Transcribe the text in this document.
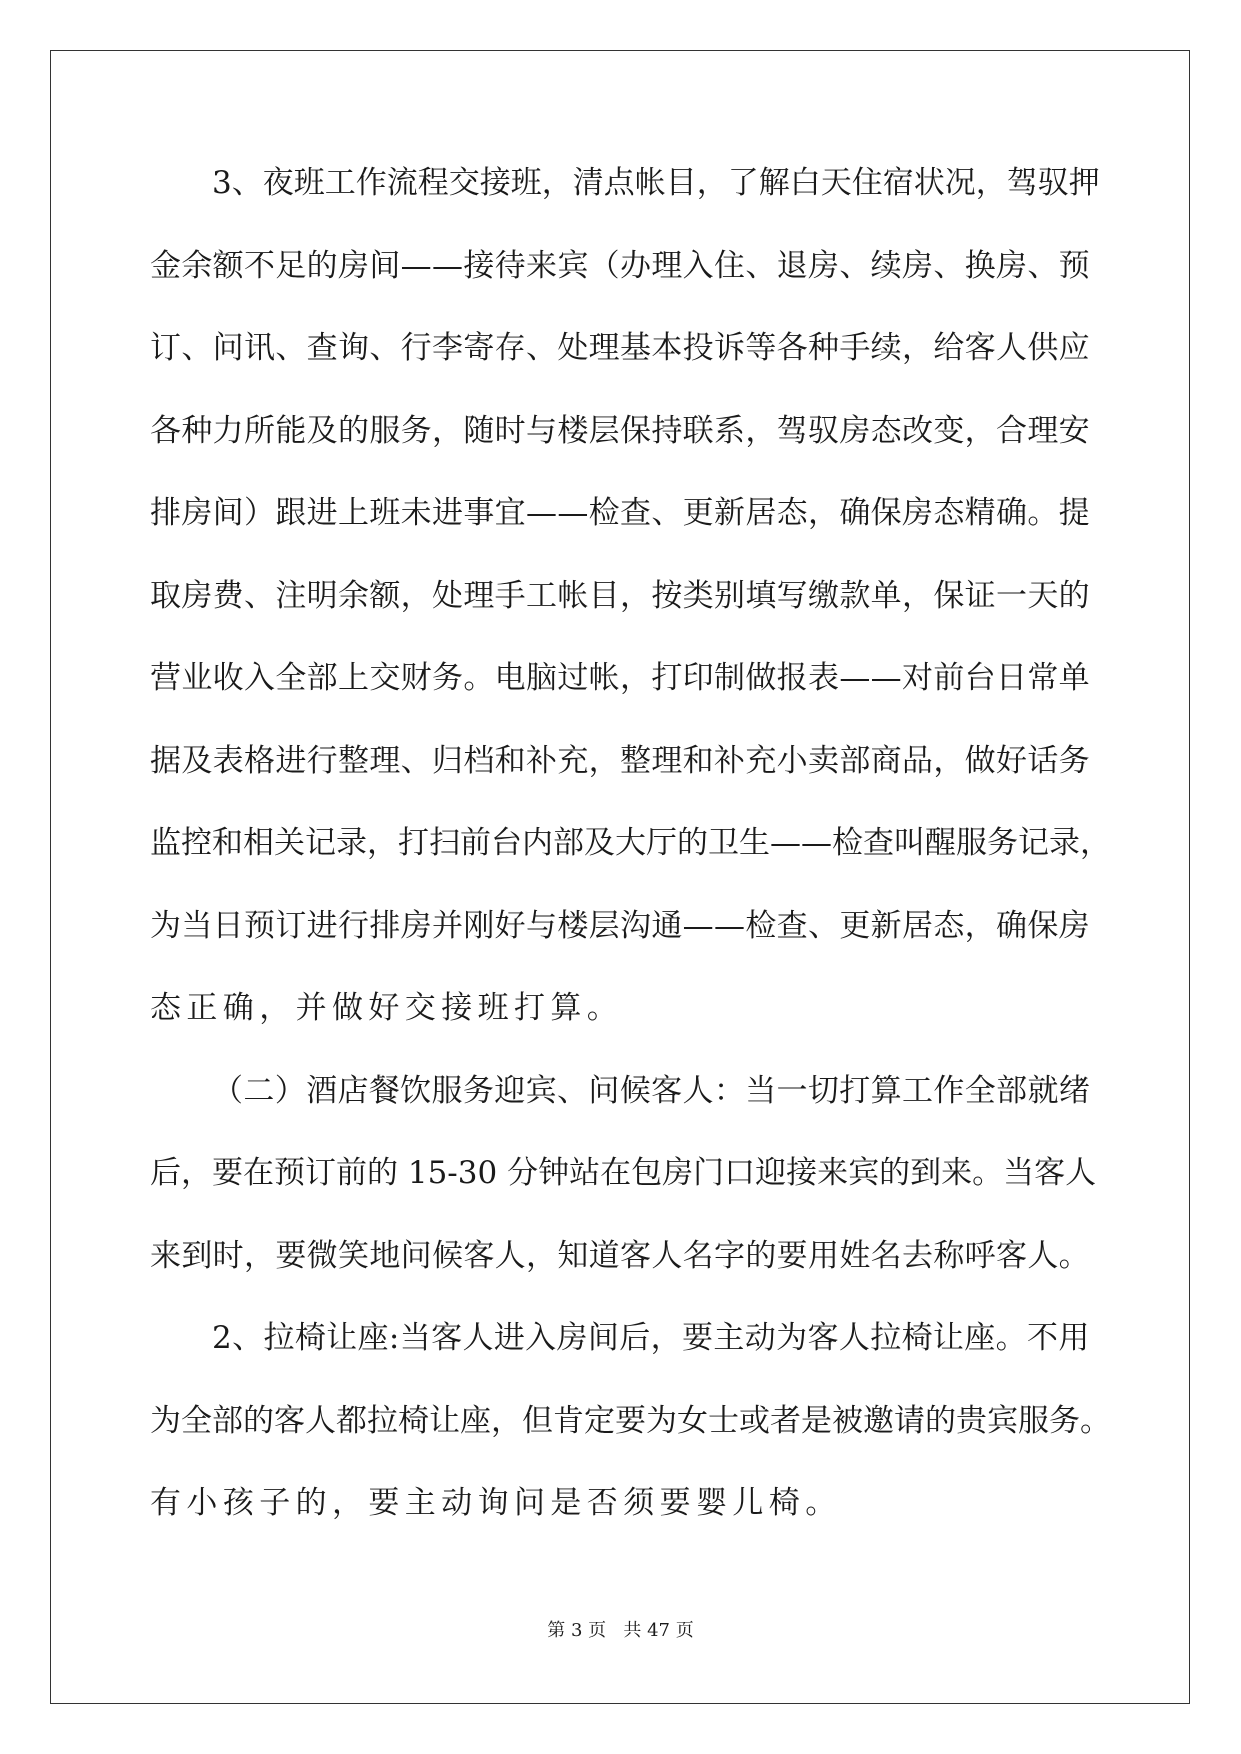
3、夜班工作流程交接班，清点帐目，了解白天住宿状况，驾驭押
金余额不足的房间——接待来宾（办理入住、退房、续房、换房、预
订、问讯、查询、行李寄存、处理基本投诉等各种手续，给客人供应
各种力所能及的服务，随时与楼层保持联系，驾驭房态改变，合理安
排房间）跟进上班未进事宜——检查、更新居态，确保房态精确。提
取房费、注明余额，处理手工帐目，按类别填写缴款单，保证一天的
营业收入全部上交财务。电脑过帐，打印制做报表——对前台日常单
据及表格进行整理、归档和补充，整理和补充小卖部商品，做好话务
监控和相关记录，打扫前台内部及大厅的卫生——检查叫醒服务记录，
为当日预订进行排房并刚好与楼层沟通——检查、更新居态，确保房
态正确，并做好交接班打算。
（二）酒店餐饮服务迎宾、问候客人：当一切打算工作全部就绪
后，要在预订前的 15-30 分钟站在包房门口迎接来宾的到来。当客人
来到时，要微笑地问候客人，知道客人名字的要用姓名去称呼客人。
2、拉椅让座:当客人进入房间后，要主动为客人拉椅让座。不用
为全部的客人都拉椅让座，但肯定要为女士或者是被邀请的贵宾服务。
有小孩子的，要主动询问是否须要婴儿椅。
第 3 页   共 47 页
